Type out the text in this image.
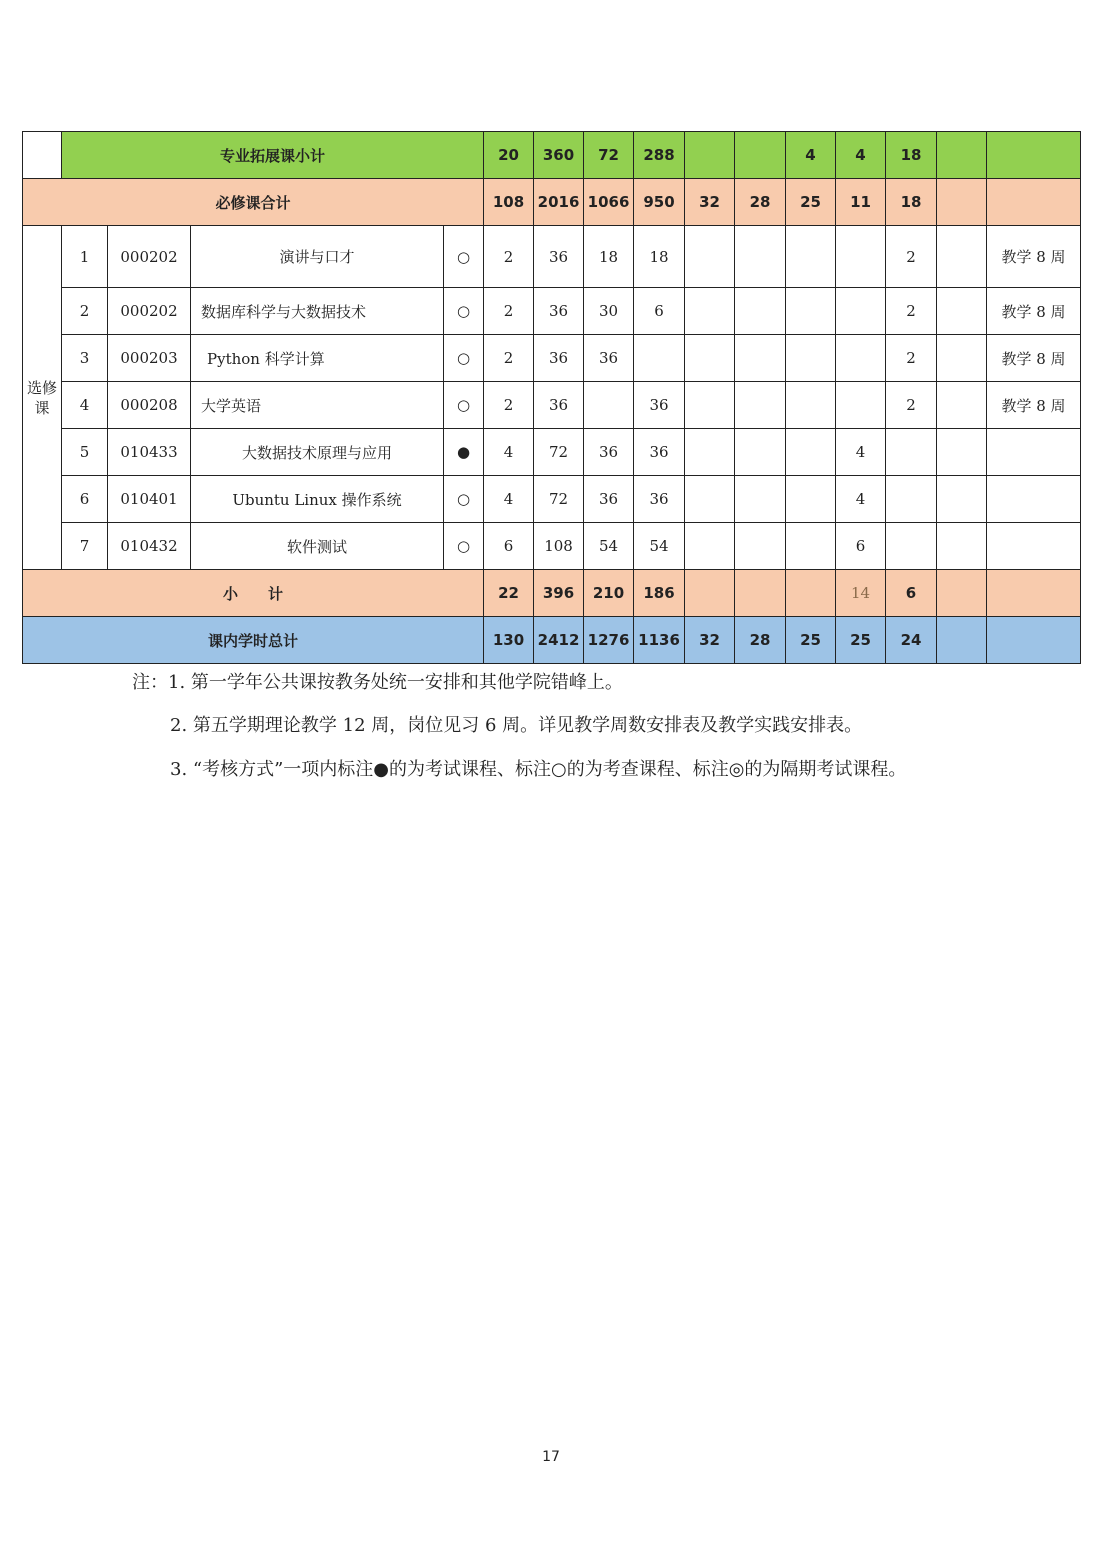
	专业拓展课小计				20	360	72	288			4	4	18		
必修课合计					108	2016	1066	950	32	28	25	11	18		
选修课	1	000202	演讲与口才	○	2	36	18	18					2		教学 8 周
	2	000202	数据库科学与大数据技术	○	2	36	30	6					2		教学 8 周
	3	000203	Python 科学计算	○	2	36	36						2		教学 8 周
	4	000208	大学英语	○	2	36		36					2		教学 8 周
	5	010433	大数据技术原理与应用	●	4	72	36	36				4			
	6	010401	Ubuntu Linux 操作系统	○	4	72	36	36				4			
	7	010432	软件测试	○	6	108	54	54				6			
小　　计					22	396	210	186				14	6		
课内学时总计					130	2412	1276	1136	32	28	25	25	24		
注：1. 第一学年公共课按教务处统一安排和其他学院错峰上。
2. 第五学期理论教学 12 周，岗位见习 6 周。详见教学周数安排表及教学实践安排表。
3. “考核方式”一项内标注●的为考试课程、标注○的为考查课程、标注◎的为隔期考试课程。
17
